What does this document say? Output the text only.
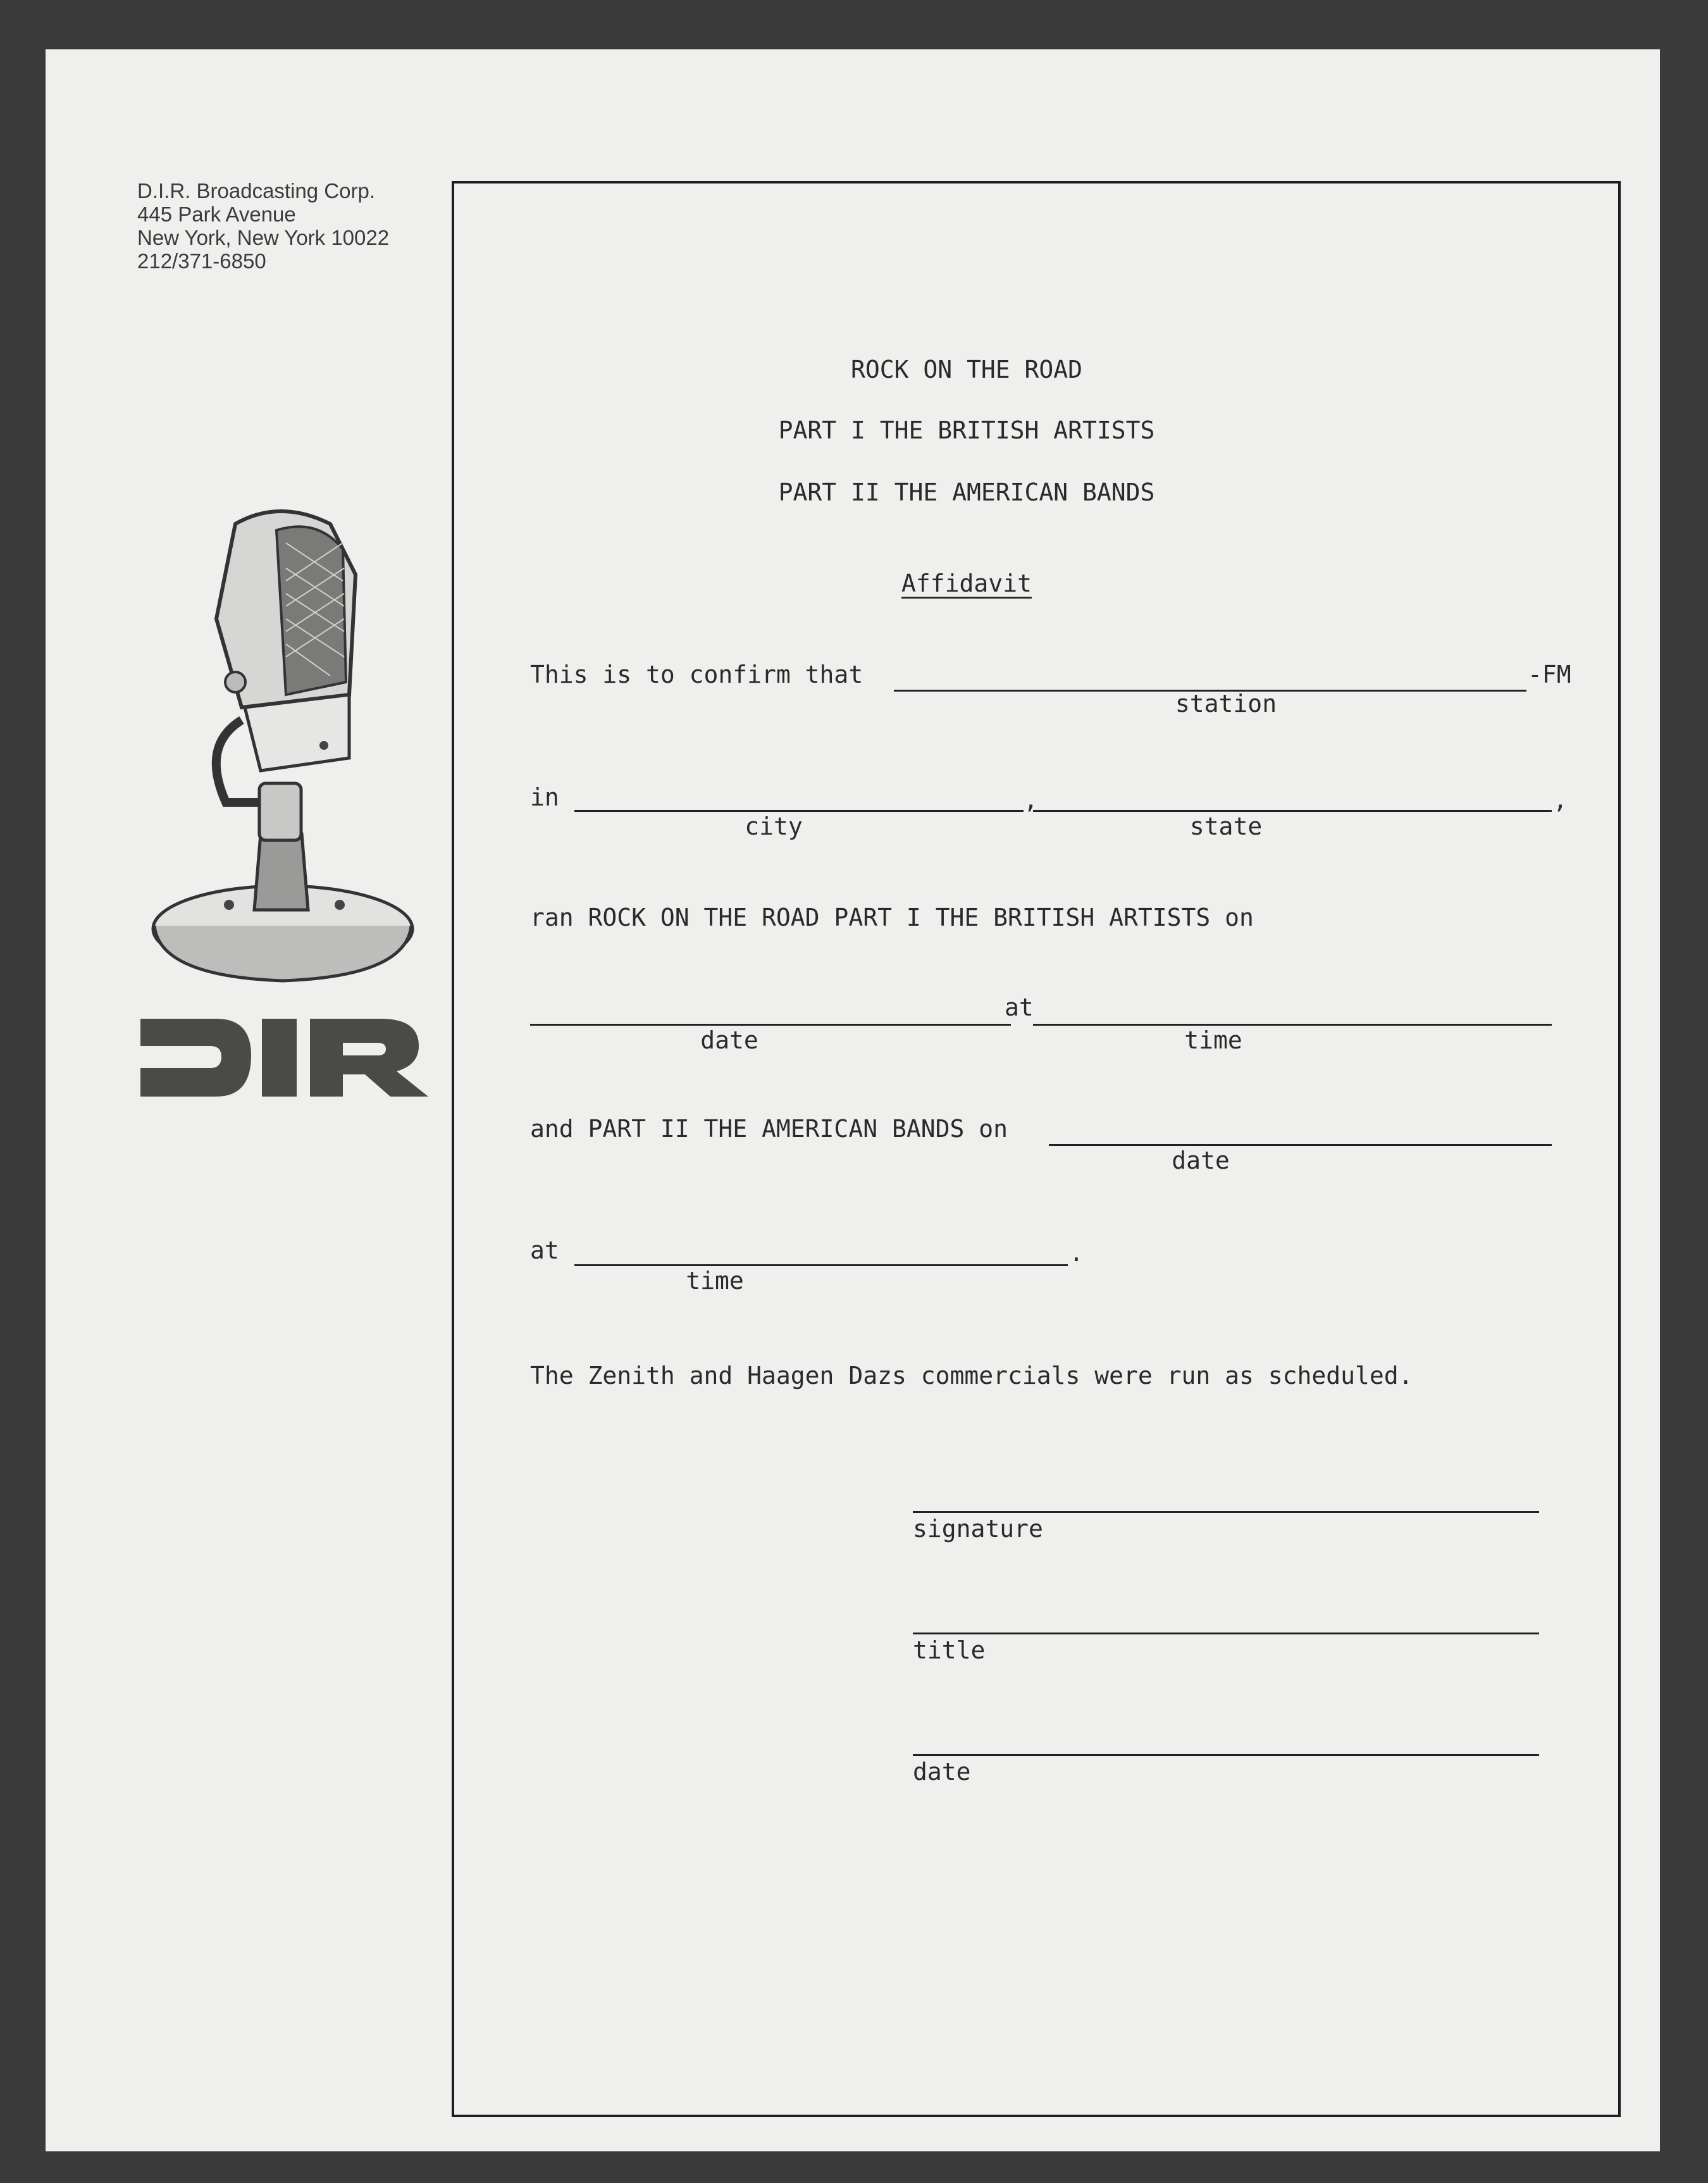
D.I.R. Broadcasting Corp.
445 Park Avenue
New York, New York 10022
212/371-6850
ROCK ON THE ROAD
PART I THE BRITISH ARTISTS
PART II THE AMERICAN BANDS
Affidavit
This is to confirm that	-FM
station
in	,	,
city	state
ran ROCK ON THE ROAD PART I THE BRITISH ARTISTS on
at
date	time
and PART II THE AMERICAN BANDS on
date
at	.
time
The Zenith and Haagen Dazs commercials were run as scheduled.
signature
title
date
